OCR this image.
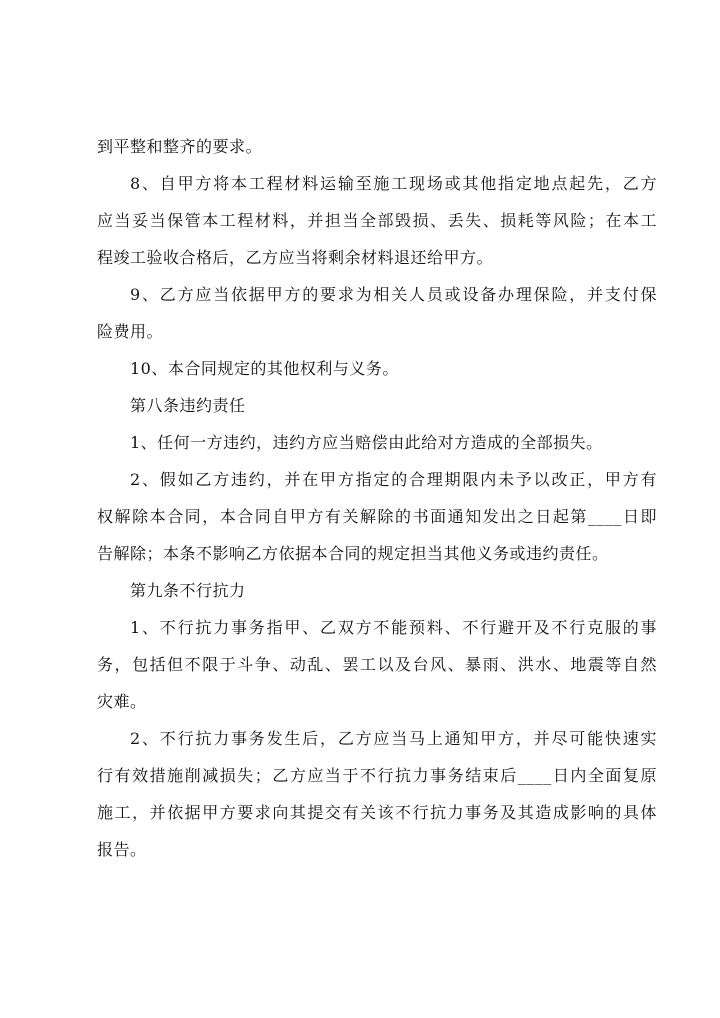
到平整和整齐的要求。
8、自甲方将本工程材料运输至施工现场或其他指定地点起先，乙方
应当妥当保管本工程材料，并担当全部毁损、丢失、损耗等风险；在本工
程竣工验收合格后，乙方应当将剩余材料退还给甲方。
9、乙方应当依据甲方的要求为相关人员或设备办理保险，并支付保
险费用。
10、本合同规定的其他权利与义务。
第八条违约责任
1、任何一方违约，违约方应当赔偿由此给对方造成的全部损失。
2、假如乙方违约，并在甲方指定的合理期限内未予以改正，甲方有
权解除本合同，本合同自甲方有关解除的书面通知发出之日起第____日即
告解除；本条不影响乙方依据本合同的规定担当其他义务或违约责任。
第九条不行抗力
1、不行抗力事务指甲、乙双方不能预料、不行避开及不行克服的事
务，包括但不限于斗争、动乱、罢工以及台风、暴雨、洪水、地震等自然
灾难。
2、不行抗力事务发生后，乙方应当马上通知甲方，并尽可能快速实
行有效措施削减损失；乙方应当于不行抗力事务结束后____日内全面复原
施工，并依据甲方要求向其提交有关该不行抗力事务及其造成影响的具体
报告。
